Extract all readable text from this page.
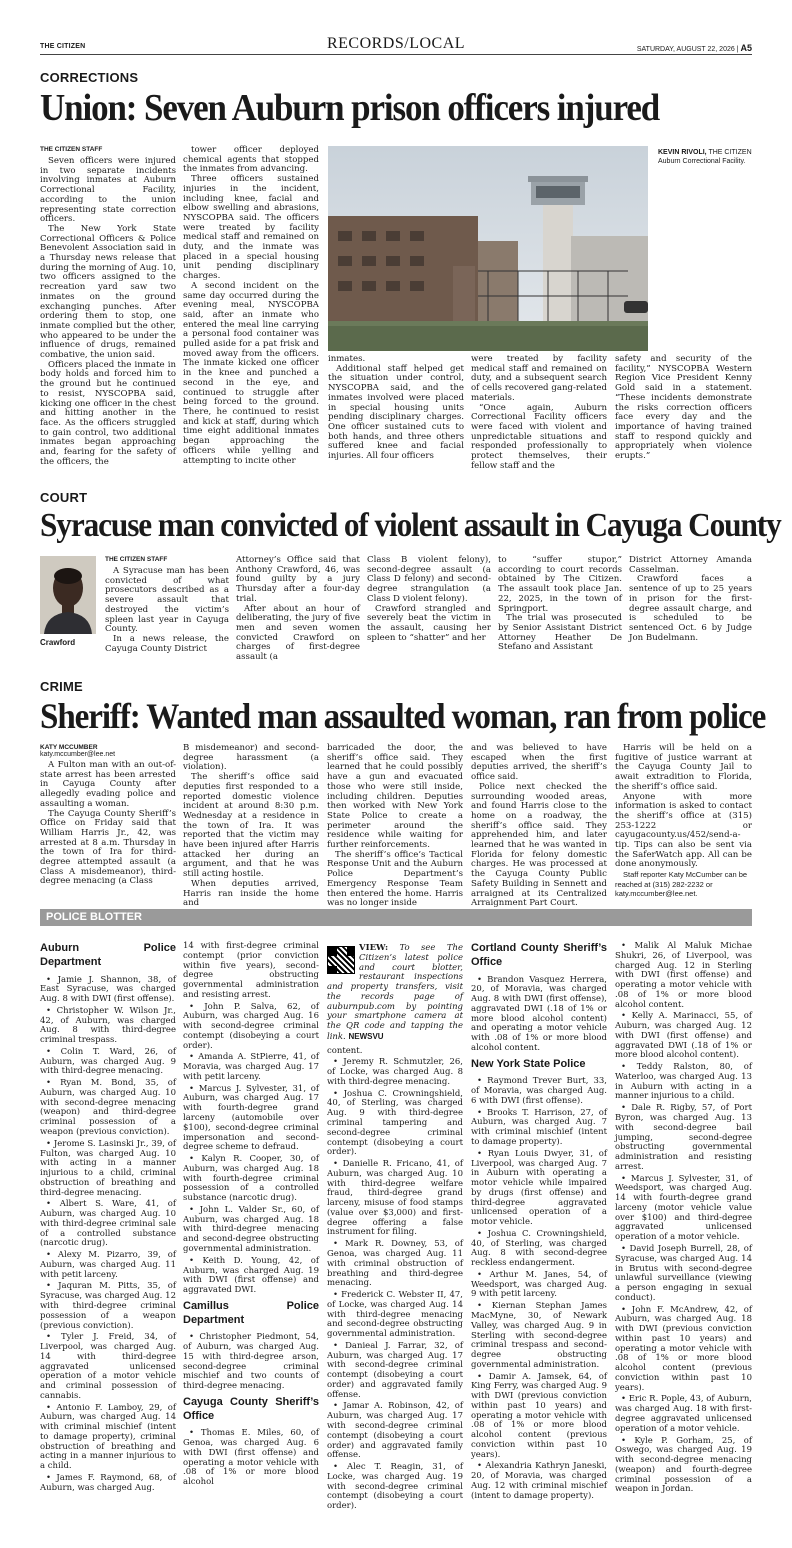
THE CITIZEN	RECORDS/LOCAL	SATURDAY, AUGUST 22, 2026 | A5
CORRECTIONS
Union: Seven Auburn prison officers injured
THE CITIZEN STAFF

Seven officers were injured in two separate incidents involving inmates at Auburn Correctional Facility, according to the union representing state correction officers.

The New York State Correctional Officers & Police Benevolent Association said in a Thursday news release that during the morning of Aug. 10, two officers assigned to the recreation yard saw two inmates on the ground exchanging punches. After ordering them to stop, one inmate complied but the other, who appeared to be under the influence of drugs, remained combative, the union said.

Officers placed the inmate in body holds and forced him to the ground but he continued to resist, NYSCOPBA said, kicking one officer in the chest and hitting another in the face. As the officers struggled to gain control, two additional inmates began approaching and, fearing for the safety of the officers, the

tower officer deployed chemical agents that stopped the inmates from advancing.

Three officers sustained injuries in the incident, including knee, facial and elbow swelling and abrasions, NYSCOPBA said. The officers were treated by facility medical staff and remained on duty, and the inmate was placed in a special housing unit pending disciplinary charges.

A second incident on the same day occurred during the evening meal, NYSCOPBA said, after an inmate who entered the meal line carrying a personal food container was pulled aside for a pat frisk and moved away from the officers. The inmate kicked one officer in the knee and punched a second in the eye, and continued to struggle after being forced to the ground. There, he continued to resist and kick at staff, during which time eight additional inmates began approaching the officers while yelling and attempting to incite other

KEVIN RIVOLI, THE CITIZEN
Auburn Correctional Facility.

inmates.

Additional staff helped get the situation under control, NYSCOPBA said, and the inmates involved were placed in special housing units pending disciplinary charges. One officer sustained cuts to both hands, and three others suffered knee and facial injuries. All four officers

were treated by facility medical staff and remained on duty, and a subsequent search of cells recovered gang-related materials.

“Once again, Auburn Correctional Facility officers were faced with violent and unpredictable situations and responded professionally to protect themselves, their fellow staff and the

safety and security of the facility,” NYSCOPBA Western Region Vice President Kenny Gold said in a statement. “These incidents demonstrate the risks correction officers face every day and the importance of having trained staff to respond quickly and appropriately when violence erupts.”

COURT
Syracuse man convicted of violent assault in Cayuga County
Crawford
THE CITIZEN STAFF

A Syracuse man has been convicted of what prosecutors described as a severe assault that destroyed the victim’s spleen last year in Cayuga County.

In a news release, the Cayuga County District

Attorney’s Office said that Anthony Crawford, 46, was found guilty by a jury Thursday after a four-day trial.

After about an hour of deliberating, the jury of five men and seven women convicted Crawford on charges of first-degree assault (a

Class B violent felony), second-degree assault (a Class D felony) and second-degree strangulation (a Class D violent felony).

Crawford strangled and severely beat the victim in the assault, causing her spleen to “shatter” and her

to “suffer stupor,” according to court records obtained by The Citizen. The assault took place Jan. 22, 2025, in the town of Springport.

The trial was prosecuted by Senior Assistant District Attorney Heather De Stefano and Assistant

District Attorney Amanda Casselman.

Crawford faces a sentence of up to 25 years in prison for the first-degree assault charge, and is scheduled to be sentenced Oct. 6 by Judge Jon Budelmann.

CRIME
Sheriff: Wanted man assaulted woman, ran from police
KATY MCCUMBER
katy.mccumber@lee.net

A Fulton man with an out-of-state arrest has been arrested in Cayuga County after allegedly evading police and assaulting a woman.

The Cayuga County Sheriff’s Office on Friday said that William Harris Jr., 42, was arrested at 8 a.m. Thursday in the town of Ira for third-degree attempted assault (a Class A misdemeanor), third-degree menacing (a Class

B misdemeanor) and second-degree harassment (a violation).

The sheriff’s office said deputies first responded to a reported domestic violence incident at around 8:30 p.m. Wednesday at a residence in the town of Ira. It was reported that the victim may have been injured after Harris attacked her during an argument, and that he was still acting hostile.

When deputies arrived, Harris ran inside the home and

barricaded the door, the sheriff’s office said. They learned that he could possibly have a gun and evacuated those who were still inside, including children. Deputies then worked with New York State Police to create a perimeter around the residence while waiting for further reinforcements.

The sheriff’s office’s Tactical Response Unit and the Auburn Police Department’s Emergency Response Team then entered the home. Harris was no longer inside

and was believed to have escaped when the first deputies arrived, the sheriff’s office said.

Police next checked the surrounding wooded areas, and found Harris close to the home on a roadway, the sheriff’s office said. They apprehended him, and later learned that he was wanted in Florida for felony domestic charges. He was processed at the Cayuga County Public Safety Building in Sennett and arraigned at its Centralized Arraignment Part Court.

Harris will be held on a fugitive of justice warrant at the Cayuga County Jail to await extradition to Florida, the sheriff’s office said.

Anyone with more information is asked to contact the sheriff’s office at (315) 253-1222 or cayugacounty.us/452/send-a-tip. Tips can also be sent via the SaferWatch app. All can be done anonymously.

Staff reporter Katy McCumber can be reached at (315) 282-2232 or katy.mccumber@lee.net.

POLICE BLOTTER
Auburn Police Department

• Jamie J. Shannon, 38, of East Syracuse, was charged Aug. 8 with DWI (first offense).

• Christopher W. Wilson Jr., 42, of Auburn, was charged Aug. 8 with third-degree criminal trespass.

• Colin T. Ward, 26, of Auburn, was charged Aug. 9 with third-degree menacing.

• Ryan M. Bond, 35, of Auburn, was charged Aug. 10 with second-degree menacing (weapon) and third-degree criminal possession of a weapon (previous conviction).

• Jerome S. Lasinski Jr., 39, of Fulton, was charged Aug. 10 with acting in a manner injurious to a child, criminal obstruction of breathing and third-degree menacing.

• Albert S. Ware, 41, of Auburn, was charged Aug. 10 with third-degree criminal sale of a controlled substance (narcotic drug).

• Alexy M. Pizarro, 39, of Auburn, was charged Aug. 11 with petit larceny.

• Jaquran M. Pitts, 35, of Syracuse, was charged Aug. 12 with third-degree criminal possession of a weapon (previous conviction).

• Tyler J. Freid, 34, of Liverpool, was charged Aug. 14 with third-degree aggravated unlicensed operation of a motor vehicle and criminal possession of cannabis.

• Antonio F. Lamboy, 29, of Auburn, was charged Aug. 14 with criminal mischief (intent to damage property), criminal obstruction of breathing and acting in a manner injurious to a child.

• James F. Raymond, 68, of Auburn, was charged Aug.

14 with first-degree criminal contempt (prior conviction within five years), second-degree obstructing governmental administration and resisting arrest.

• John P. Salva, 62, of Auburn, was charged Aug. 16 with second-degree criminal contempt (disobeying a court order).

• Amanda A. StPierre, 41, of Moravia, was charged Aug. 17 with petit larceny.

• Marcus J. Sylvester, 31, of Auburn, was charged Aug. 17 with fourth-degree grand larceny (automobile over $100), second-degree criminal impersonation and second-degree scheme to defraud.

• Kalyn R. Cooper, 30, of Auburn, was charged Aug. 18 with fourth-degree criminal possession of a controlled substance (narcotic drug).

• John L. Valder Sr., 60, of Auburn, was charged Aug. 18 with third-degree menacing and second-degree obstructing governmental administration.

• Keith D. Young, 42, of Auburn, was charged Aug. 19 with DWI (first offense) and aggravated DWI.

Camillus Police Department

• Christopher Piedmont, 54, of Auburn, was charged Aug. 15 with third-degree arson, second-degree criminal mischief and two counts of third-degree menacing.

Cayuga County Sheriff’s Office

• Thomas E. Miles, 60, of Genoa, was charged Aug. 6 with DWI (first offense) and operating a motor vehicle with .08 of 1% or more blood alcohol

VIEW: To see The Citizen’s latest police and court blotter, restaurant inspections and property transfers, visit the records page of auburnpub.com by pointing your smartphone camera at the QR code and tapping the link. NEWSVU

content.

• Jeremy R. Schmutzler, 26, of Locke, was charged Aug. 8 with third-degree menacing.

• Joshua C. Crowningshield, 40, of Sterling, was charged Aug. 9 with third-degree criminal tampering and second-degree criminal contempt (disobeying a court order).

• Danielle R. Fricano, 41, of Auburn, was charged Aug. 10 with third-degree welfare fraud, third-degree grand larceny, misuse of food stamps (value over $3,000) and first-degree offering a false instrument for filing.

• Mark R. Downey, 53, of Genoa, was charged Aug. 11 with criminal obstruction of breathing and third-degree menacing.

• Frederick C. Webster II, 47, of Locke, was charged Aug. 14 with third-degree menacing and second-degree obstructing governmental administration.

• Danieal J. Farrar, 32, of Auburn, was charged Aug. 17 with second-degree criminal contempt (disobeying a court order) and aggravated family offense.

• Jamar A. Robinson, 42, of Auburn, was charged Aug. 17 with second-degree criminal contempt (disobeying a court order) and aggravated family offense.

• Alec T. Reagin, 31, of Locke, was charged Aug. 19 with second-degree criminal contempt (disobeying a court order).

Cortland County Sheriff’s Office

• Brandon Vasquez Herrera, 20, of Moravia, was charged Aug. 8 with DWI (first offense), aggravated DWI (.18 of 1% or more blood alcohol content) and operating a motor vehicle with .08 of 1% or more blood alcohol content.

New York State Police

• Raymond Trever Burt, 33, of Moravia, was charged Aug. 6 with DWI (first offense).

• Brooks T. Harrison, 27, of Auburn, was charged Aug. 7 with criminal mischief (intent to damage property).

• Ryan Louis Dwyer, 31, of Liverpool, was charged Aug. 7 in Auburn with operating a motor vehicle while impaired by drugs (first offense) and third-degree aggravated unlicensed operation of a motor vehicle.

• Joshua C. Crowningshield, 40, of Sterling, was charged Aug. 8 with second-degree reckless endangerment.

• Arthur M. Janes, 54, of Weedsport, was charged Aug. 9 with petit larceny.

• Kiernan Stephan James MacMyne, 30, of Newark Valley, was charged Aug. 9 in Sterling with second-degree criminal trespass and second-degree obstructing governmental administration.

• Damir A. Jamsek, 64, of King Ferry, was charged Aug. 9 with DWI (previous conviction within past 10 years) and operating a motor vehicle with .08 of 1% or more blood alcohol content (previous conviction within past 10 years).

• Alexandria Kathryn Janeski, 20, of Moravia, was charged Aug. 12 with criminal mischief (intent to damage property).

• Malik Al Maluk Michae Shukri, 26, of Liverpool, was charged Aug. 12 in Sterling with DWI (first offense) and operating a motor vehicle with .08 of 1% or more blood alcohol content.

• Kelly A. Marinacci, 55, of Auburn, was charged Aug. 12 with DWI (first offense) and aggravated DWI (.18 of 1% or more blood alcohol content).

• Teddy Ralston, 80, of Waterloo, was charged Aug. 13 in Auburn with acting in a manner injurious to a child.

• Dale R. Rigby, 57, of Port Byron, was charged Aug. 13 with second-degree bail jumping, second-degree obstructing governmental administration and resisting arrest.

• Marcus J. Sylvester, 31, of Weedsport, was charged Aug. 14 with fourth-degree grand larceny (motor vehicle value over $100) and third-degree aggravated unlicensed operation of a motor vehicle.

• David Joseph Burrell, 28, of Syracuse, was charged Aug. 14 in Brutus with second-degree unlawful surveillance (viewing a person engaging in sexual conduct).

• John F. McAndrew, 42, of Auburn, was charged Aug. 18 with DWI (previous conviction within past 10 years) and operating a motor vehicle with .08 of 1% or more blood alcohol content (previous conviction within past 10 years).

• Eric R. Pople, 43, of Auburn, was charged Aug. 18 with first-degree aggravated unlicensed operation of a motor vehicle.

• Kyle P. Gorham, 25, of Oswego, was charged Aug. 19 with second-degree menacing (weapon) and fourth-degree criminal possession of a weapon in Jordan.
